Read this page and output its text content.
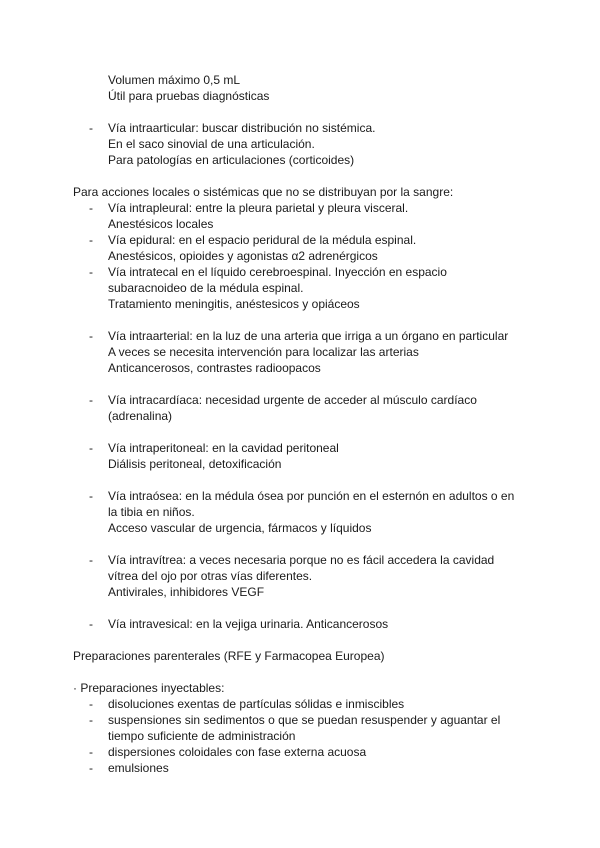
Volumen máximo 0,5 mL

Útil para pruebas diagnósticas

- Vía intraarticular: buscar distribución no sistémica.

En el saco sinovial de una articulación.

Para patologías en articulaciones (corticoides)

Para acciones locales o sistémicas que no se distribuyan por la sangre:

- Vía intrapleural: entre la pleura parietal y pleura visceral.

Anestésicos locales

- Vía epidural: en el espacio peridural de la médula espinal.

Anestésicos, opioides y agonistas α2 adrenérgicos

- Vía intratecal en el líquido cerebroespinal. Inyección en espacio

subaracnoideo de la médula espinal.

Tratamiento meningitis, anéstesicos y opiáceos

- Vía intraarterial: en la luz de una arteria que irriga a un órgano en particular

A veces se necesita intervención para localizar las arterias

Anticancerosos, contrastes radioopacos

- Vía intracardíaca: necesidad urgente de acceder al músculo cardíaco

(adrenalina)

- Vía intraperitoneal: en la cavidad peritoneal

Diálisis peritoneal, detoxificación

- Vía intraósea: en la médula ósea por punción en el esternón en adultos o en

la tibia en niños.

Acceso vascular de urgencia, fármacos y líquidos

- Vía intravítrea: a veces necesaria porque no es fácil accedera la cavidad

vítrea del ojo por otras vías diferentes.

Antivirales, inhibidores VEGF

- Vía intravesical: en la vejiga urinaria. Anticancerosos

Preparaciones parenterales (RFE y Farmacopea Europea)

· Preparaciones inyectables:

- disoluciones exentas de partículas sólidas e inmiscibles

- suspensiones sin sedimentos o que se puedan resuspender y aguantar el

tiempo suficiente de administración

- dispersiones coloidales con fase externa acuosa

- emulsiones
